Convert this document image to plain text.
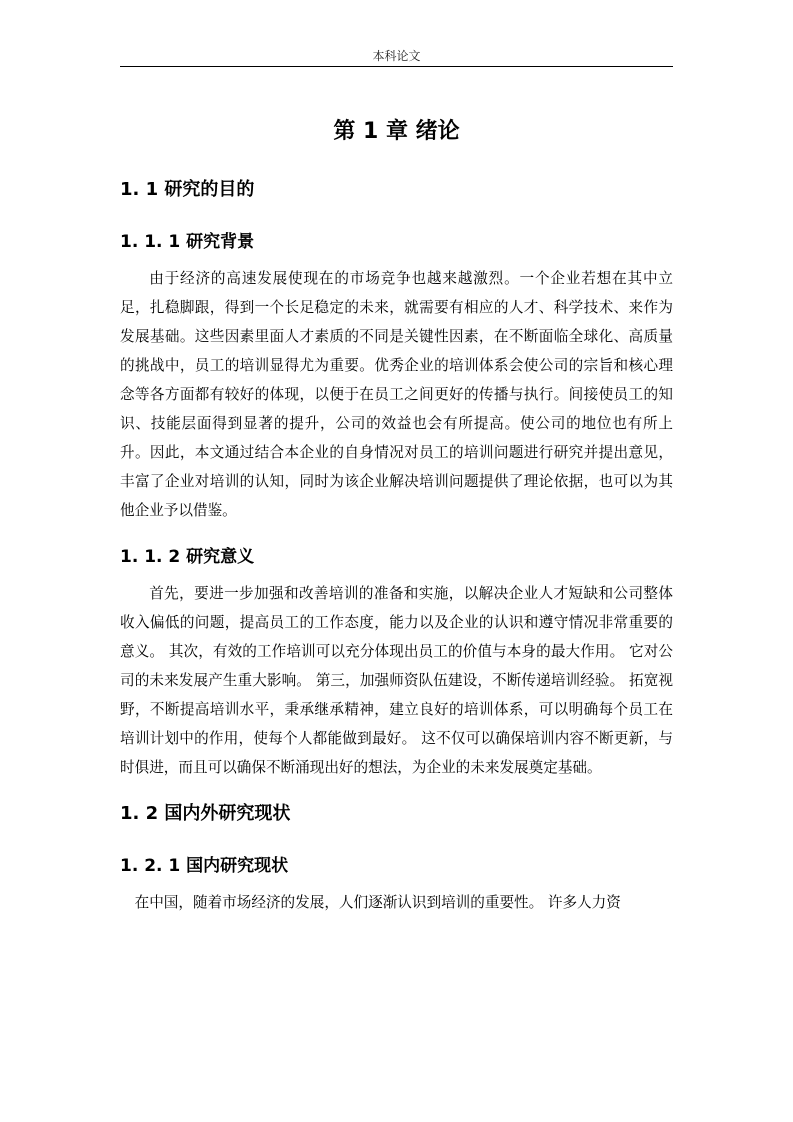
本科论文
第 1 章 绪论
1. 1 研究的目的
1. 1. 1 研究背景

由于经济的高速发展使现在的市场竞争也越来越激烈。一个企业若想在其中立足，扎稳脚跟，得到一个长足稳定的未来，就需要有相应的人才、科学技术、来作为发展基础。这些因素里面人才素质的不同是关键性因素，在不断面临全球化、高质量的挑战中，员工的培训显得尤为重要。优秀企业的培训体系会使公司的宗旨和核心理念等各方面都有较好的体现，以便于在员工之间更好的传播与执行。间接使员工的知识、技能层面得到显著的提升，公司的效益也会有所提高。使公司的地位也有所上升。因此，本文通过结合本企业的自身情况对员工的培训问题进行研究并提出意见，丰富了企业对培训的认知，同时为该企业解决培训问题提供了理论依据，也可以为其他企业予以借鉴。

1. 1. 2 研究意义

首先，要进一步加强和改善培训的准备和实施，以解决企业人才短缺和公司整体收入偏低的问题，提高员工的工作态度，能力以及企业的认识和遵守情况非常重要的意义。 其次，有效的工作培训可以充分体现出员工的价值与本身的最大作用。 它对公司的未来发展产生重大影响。 第三，加强师资队伍建设，不断传递培训经验。 拓宽视野，不断提高培训水平，秉承继承精神，建立良好的培训体系，可以明确每个员工在培训计划中的作用，使每个人都能做到最好。 这不仅可以确保培训内容不断更新，与时俱进，而且可以确保不断涌现出好的想法，为企业的未来发展奠定基础。

1. 2 国内外研究现状
1. 2. 1 国内研究现状

在中国，随着市场经济的发展，人们逐渐认识到培训的重要性。 许多人力资
